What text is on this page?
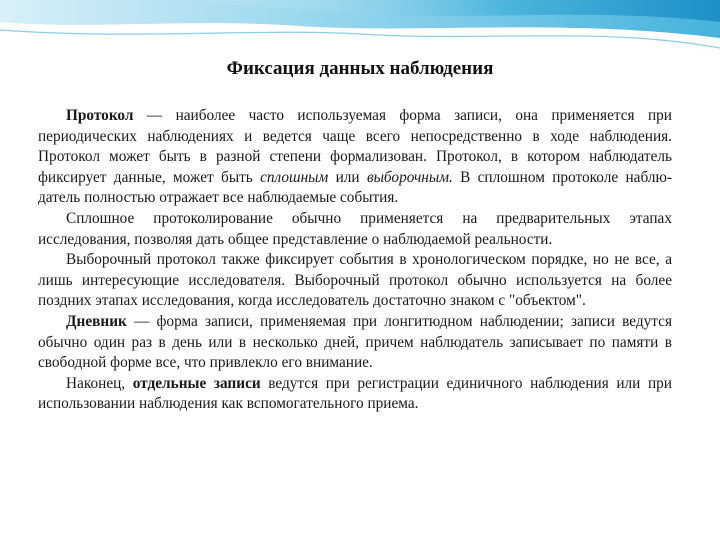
Фиксация данных наблюдения

Протокол — наиболее часто используемая форма записи, она применяется при периодических наблюдениях и ведется чаще всего непосредственно в ходе наблюдения. Протокол может быть в разной степени формализован. Протокол, в котором наблюдатель фиксирует данные, может быть сплошным или выборочным. В сплошном протоколе наблю-датель полностью отражает все наблюдаемые события.

Сплошное протоколирование обычно применяется на предварительных этапах исследования, позволяя дать общее представление о наблюдаемой реальности.

Выборочный протокол также фиксирует события в хронологическом порядке, но не все, а лишь интересующие исследователя. Выборочный протокол обычно используется на более поздних этапах исследования, когда исследователь достаточно знаком с "объектом".

Дневник — форма записи, применяемая при лонгитюдном наблюдении; записи ведутся обычно один раз в день или в несколько дней, причем наблюдатель записывает по памяти в свободной форме все, что привлекло его внимание.

Наконец, отдельные записи ведутся при регистрации единичного наблюдения или при использовании наблюдения как вспомогательного приема.
